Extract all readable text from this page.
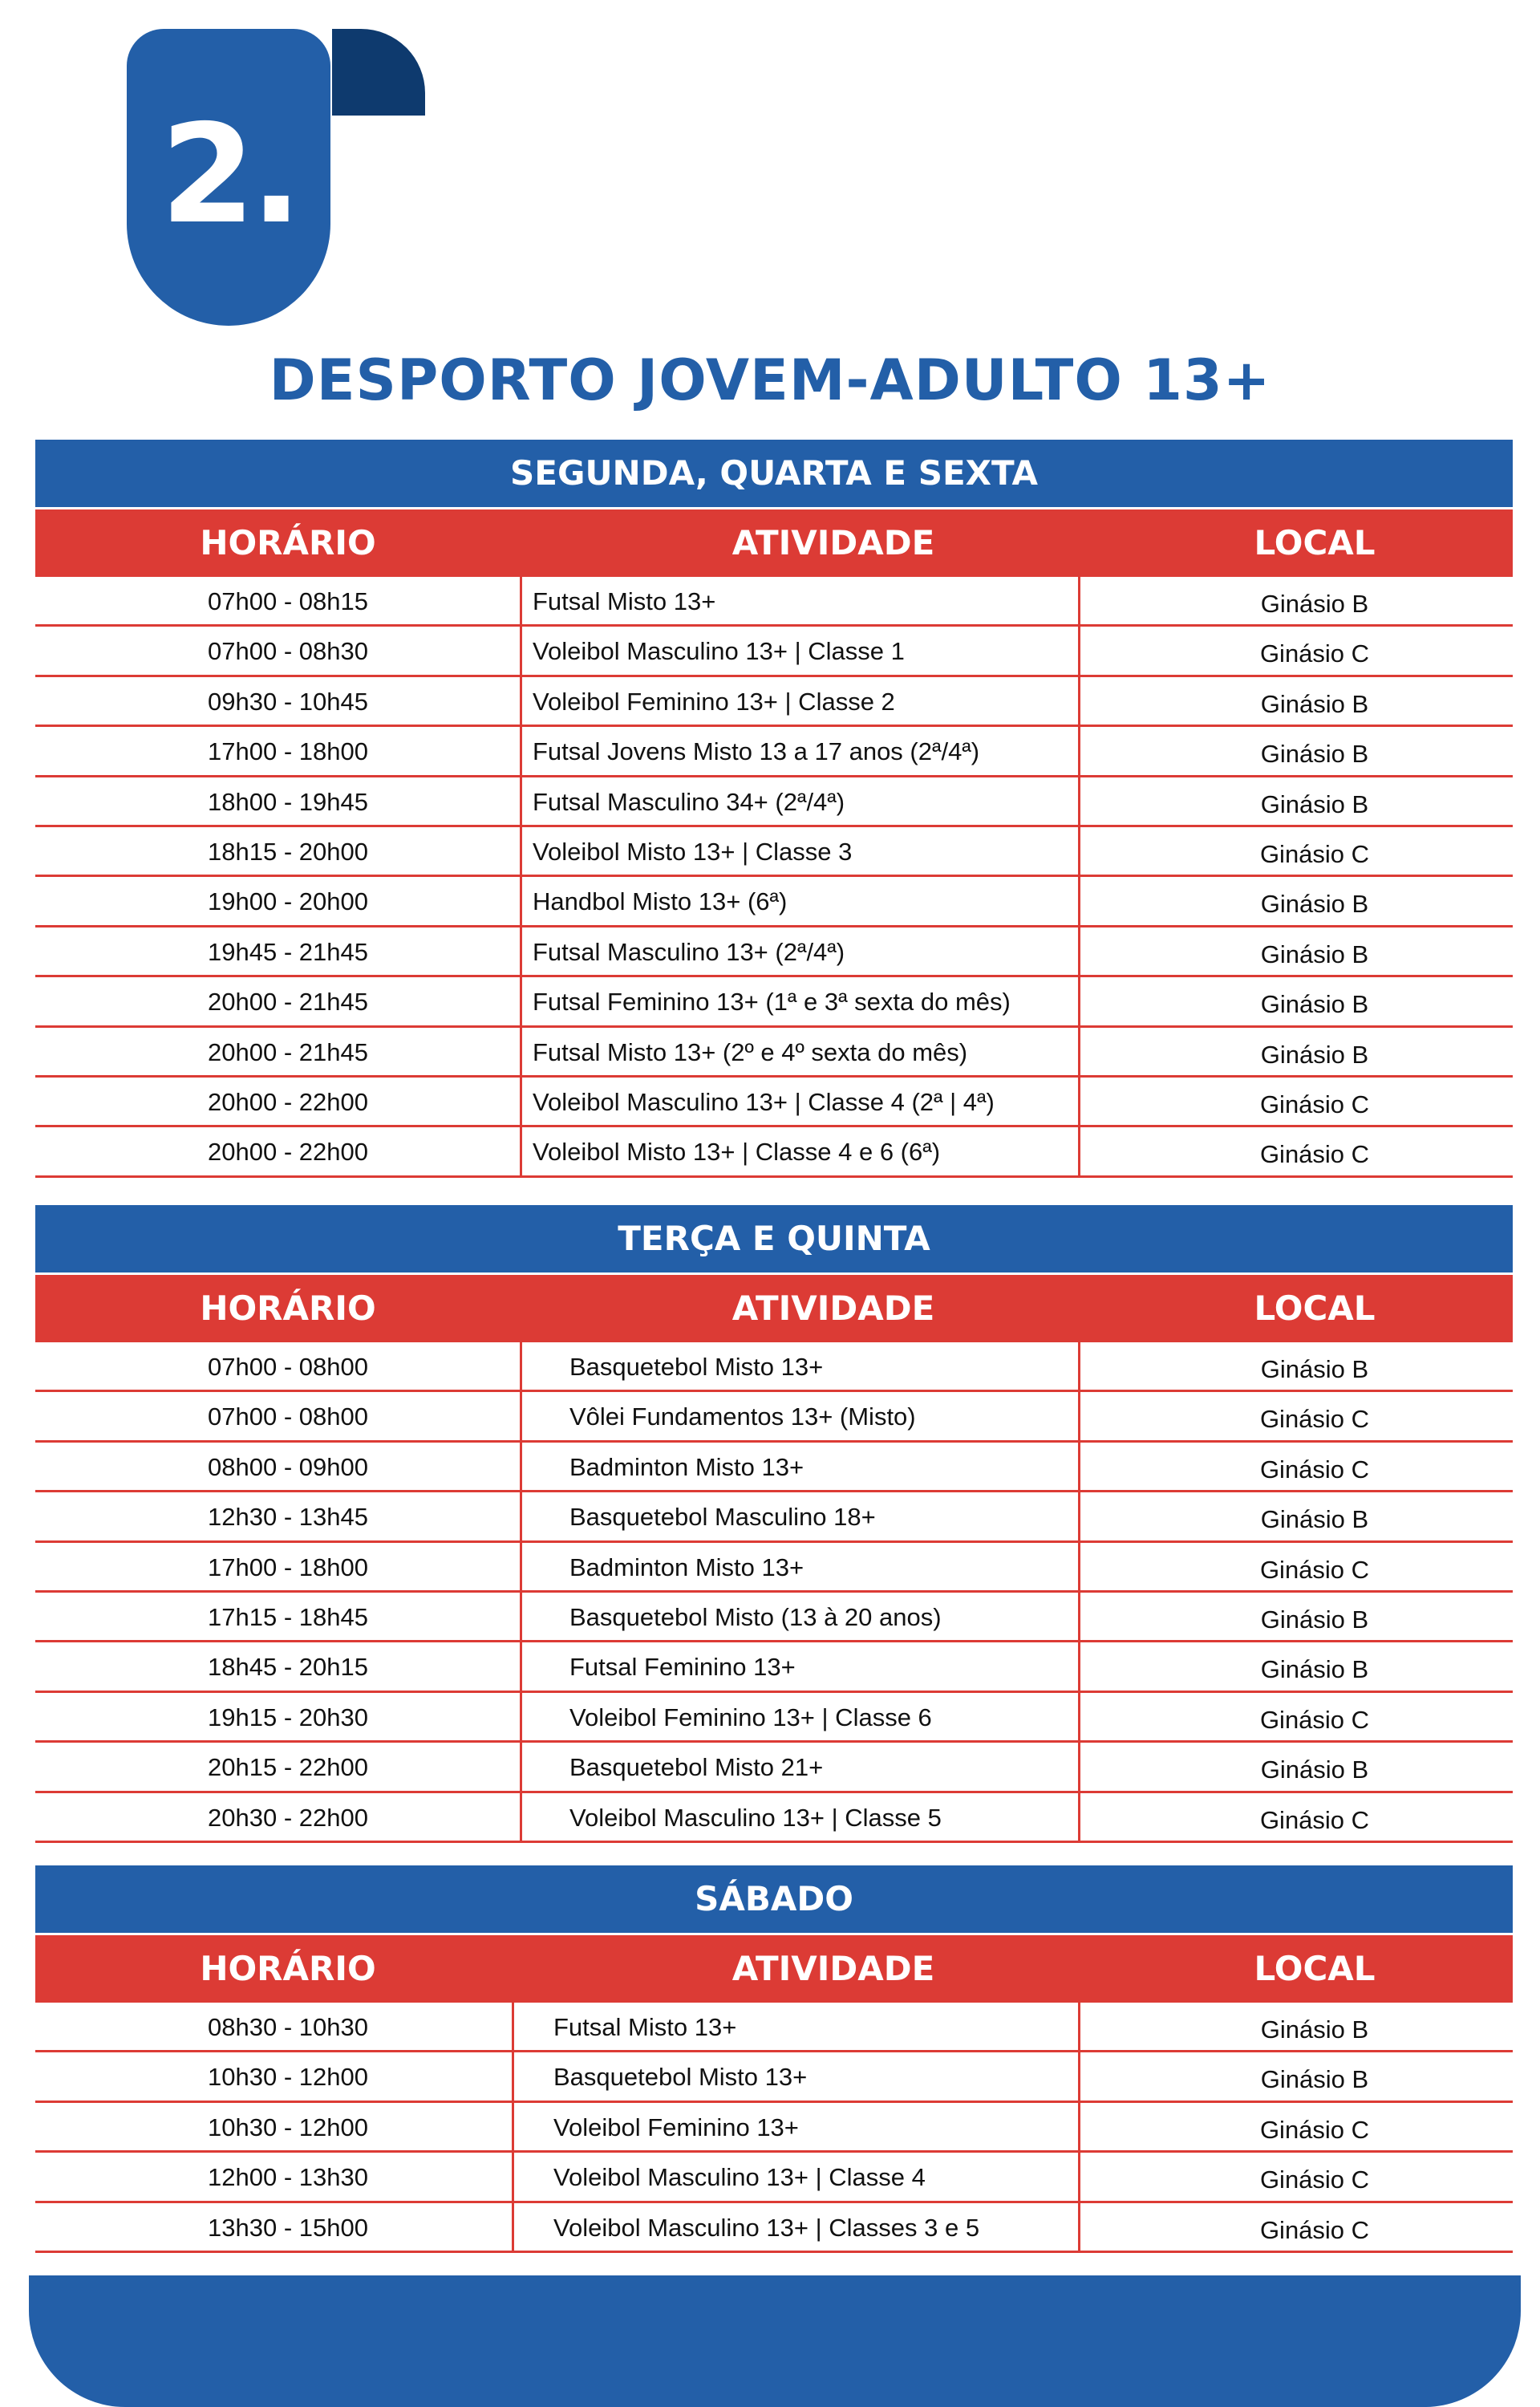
2.
DESPORTO JOVEM-ADULTO 13+
SEGUNDA, QUARTA E SEXTA
HORÁRIO	ATIVIDADE	LOCAL
07h00 - 08h15	Futsal Misto 13+	Ginásio B
07h00 - 08h30	Voleibol Masculino 13+ | Classe 1	Ginásio C
09h30 - 10h45	Voleibol Feminino 13+ | Classe 2	Ginásio B
17h00 - 18h00	Futsal Jovens Misto 13 a 17 anos (2ª/4ª)	Ginásio B
18h00 - 19h45	Futsal Masculino 34+ (2ª/4ª)	Ginásio B
18h15 - 20h00	Voleibol Misto 13+ | Classe 3	Ginásio C
19h00 - 20h00	Handbol Misto 13+ (6ª)	Ginásio B
19h45 - 21h45	Futsal Masculino 13+ (2ª/4ª)	Ginásio B
20h00 - 21h45	Futsal Feminino 13+ (1ª e 3ª sexta do mês)	Ginásio B
20h00 - 21h45	Futsal Misto 13+ (2º e 4º sexta do mês)	Ginásio B
20h00 - 22h00	Voleibol Masculino 13+ | Classe 4 (2ª | 4ª)	Ginásio C
20h00 - 22h00	Voleibol Misto 13+ | Classe 4 e 6 (6ª)	Ginásio C
TERÇA E QUINTA
HORÁRIO	ATIVIDADE	LOCAL
07h00 - 08h00	Basquetebol Misto 13+	Ginásio B
07h00 - 08h00	Vôlei Fundamentos 13+ (Misto)	Ginásio C
08h00 - 09h00	Badminton Misto 13+	Ginásio C
12h30 - 13h45	Basquetebol Masculino 18+	Ginásio B
17h00 - 18h00	Badminton Misto 13+	Ginásio C
17h15 - 18h45	Basquetebol Misto (13 à 20 anos)	Ginásio B
18h45 - 20h15	Futsal Feminino 13+	Ginásio B
19h15 - 20h30	Voleibol Feminino 13+ | Classe 6	Ginásio C
20h15 - 22h00	Basquetebol Misto 21+	Ginásio B
20h30 - 22h00	Voleibol Masculino 13+ | Classe 5	Ginásio C
SÁBADO
HORÁRIO	ATIVIDADE	LOCAL
08h30 - 10h30	Futsal Misto 13+	Ginásio B
10h30 - 12h00	Basquetebol Misto 13+	Ginásio B
10h30 - 12h00	Voleibol Feminino 13+	Ginásio C
12h00 - 13h30	Voleibol Masculino 13+ | Classe 4	Ginásio C
13h30 - 15h00	Voleibol Masculino 13+ | Classes 3 e 5	Ginásio C
